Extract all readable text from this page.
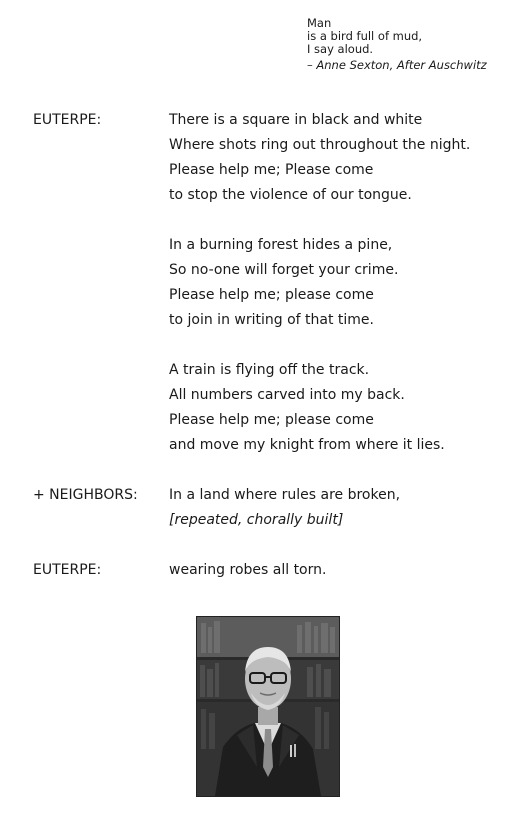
Man
is a bird full of mud,
I say aloud.
– Anne Sexton, After Auschwitz
EUTERPE:	There is a square in black and white
Where shots ring out throughout the night.
Please help me; Please come
to stop the violence of our tongue.
In a burning forest hides a pine,
So no-one will forget your crime.
Please help me; please come
to join in writing of that time.
A train is flying off the track.
All numbers carved into my back.
Please help me; please come
and move my knight from where it lies.
+ NEIGHBORS: In a land where rules are broken,
[repeated, chorally built]
EUTERPE:	wearing robes all torn.
